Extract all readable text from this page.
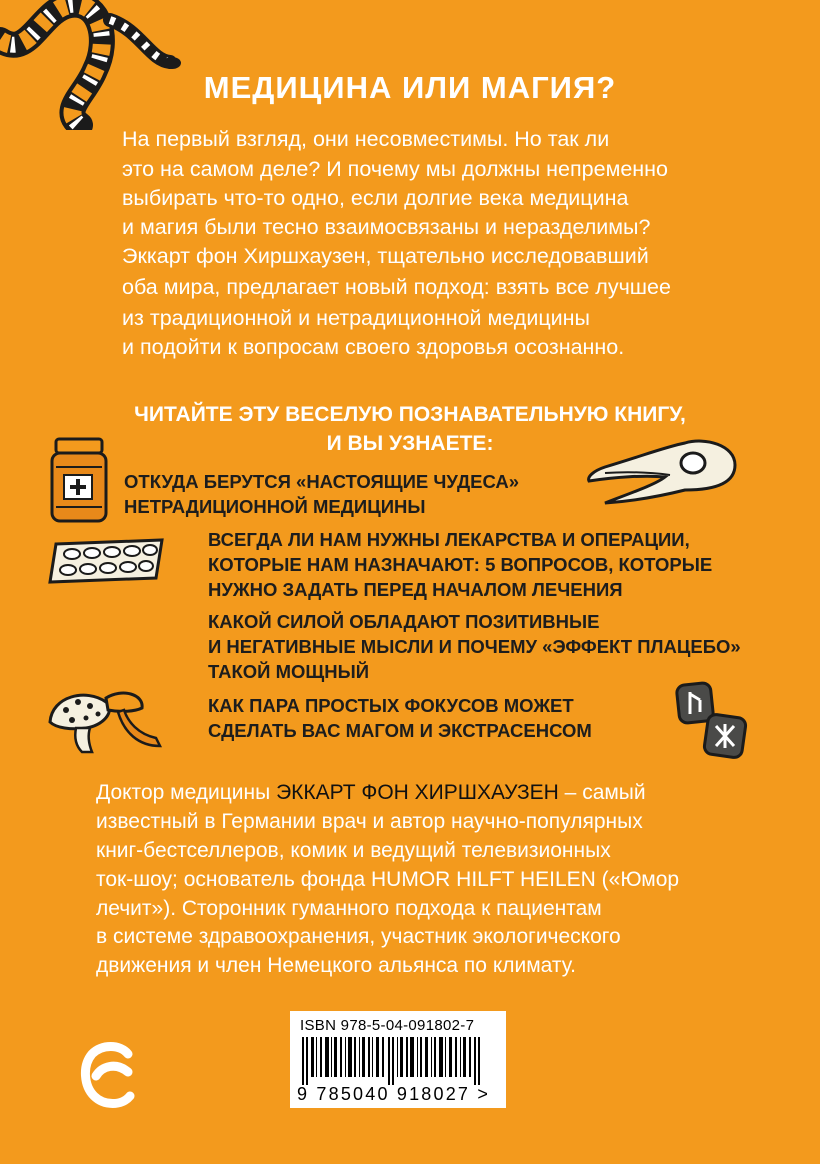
МЕДИЦИНА ИЛИ МАГИЯ?
На первый взгляд, они несовместимы. Но так ли
это на самом деле? И почему мы должны непременно
выбирать что-то одно, если долгие века медицина
и магия были тесно взаимосвязаны и неразделимы?
Эккарт фон Хиршхаузен, тщательно исследовавший
оба мира, предлагает новый подход: взять все лучшее
из традиционной и нетрадиционной медицины
и подойти к вопросам своего здоровья осознанно.
ЧИТАЙТЕ ЭТУ ВЕСЕЛУЮ ПОЗНАВАТЕЛЬНУЮ КНИГУ,
И ВЫ УЗНАЕТЕ:
ОТКУДА БЕРУТСЯ «НАСТОЯЩИЕ ЧУДЕСА»
НЕТРАДИЦИОННОЙ МЕДИЦИНЫ
ВСЕГДА ЛИ НАМ НУЖНЫ ЛЕКАРСТВА И ОПЕРАЦИИ,
КОТОРЫЕ НАМ НАЗНАЧАЮТ: 5 ВОПРОСОВ, КОТОРЫЕ
НУЖНО ЗАДАТЬ ПЕРЕД НАЧАЛОМ ЛЕЧЕНИЯ
КАКОЙ СИЛОЙ ОБЛАДАЮТ ПОЗИТИВНЫЕ
И НЕГАТИВНЫЕ МЫСЛИ И ПОЧЕМУ «ЭФФЕКТ ПЛАЦЕБО»
ТАКОЙ МОЩНЫЙ
КАК ПАРА ПРОСТЫХ ФОКУСОВ МОЖЕТ
СДЕЛАТЬ ВАС МАГОМ И ЭКСТРАСЕНСОМ
Доктор медицины ЭККАРТ ФОН ХИРШХАУЗЕН – самый
известный в Германии врач и автор научно-популярных
книг-бестселлеров, комик и ведущий телевизионных
ток-шоу; основатель фонда HUMOR HILFT HEILEN («Юмор
лечит»). Сторонник гуманного подхода к пациентам
в системе здравоохранения, участник экологического
движения и член Немецкого альянса по климату.
ISBN 978-5-04-091802-7
9 785040 918027 >
